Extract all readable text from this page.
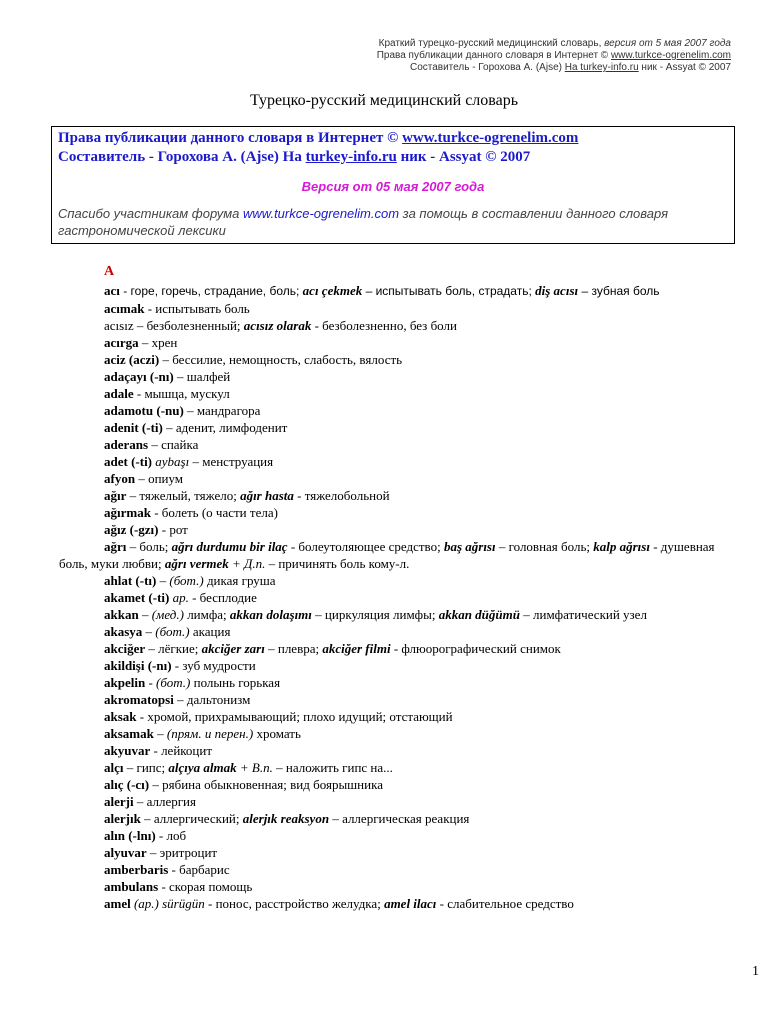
Краткий турецко-русский медицинский словарь, версия от 5 мая 2007 года
Права публикации данного словаря в Интернет © www.turkce-ogrenelim.com
Составитель - Горохова А. (Ajse) На turkey-info.ru ник - Assyat © 2007
Турецко-русский медицинский словарь
Права публикации данного словаря в Интернет © www.turkce-ogrenelim.com
Составитель - Горохова А. (Ajse) На turkey-info.ru ник - Assyat © 2007
Версия от 05 мая 2007 года
Спасибо участникам форума www.turkce-ogrenelim.com за помощь в составлении данного словаря гастрономической лексики
A

acı - горе, горечь, страдание, боль; acı çekmek – испытывать боль, страдать; diş acısı – зубная боль

acımak - испытывать боль

acısız – безболезненный; acısız olarak - безболезненно, без боли

acırga – хрен

aciz (aczi) – бессилие, немощность, слабость, вялость

adaçayı (-nı) – шалфей

adale - мышца, мускул

adamotu (-nu) – мандрагора

adenit (-ti) – аденит, лимфоденит

aderans – спайка

adet (-ti) aybaşı – менструация

afyon – опиум

ağır – тяжелый, тяжело; ağır hasta - тяжелобольной

ağırmak - болеть (о части тела)

ağız (-gzı) - рот

ağrı – боль; ağrı durdumu bir ilaç - болеутоляющее средство; baş ağrısı – головная боль; kalp ağrısı - душевная боль, муки любви; ağrı vermek + Д.п. – причинять боль кому-л.

ahlat (-tı) – (бот.) дикая груша

akamet (-ti) ар. - бесплодие

akkan – (мед.) лимфа; akkan dolaşımı – циркуляция лимфы; akkan düğümü – лимфатический узел

akasya – (бот.) акация

akciğer – лёгкие; akciğer zarı – плевра; akciğer filmi - флюорографический снимок

akildişi (-nı) - зуб мудрости

akpelin - (бот.) полынь горькая

akromatopsi – дальтонизм

aksak - хромой, прихрамывающий; плохо идущий; отстающий

aksamak – (прям. и перен.) хромать

akyuvar - лейкоцит

alçı – гипс; alçıya almak + В.п. – наложить гипс на...

alıç (-cı) – рябина обыкновенная; вид боярышника

alerji – аллергия

alerjık – аллергический; alerjık reaksyon – аллергическая реакция

alın (-lnı) - лоб

alyuvar – эритроцит

amberbaris - барбарис

ambulans - скорая помощь

amel (ар.) sürügün - понос, расстройство желудка; amel ilacı - слабительное средство

1
